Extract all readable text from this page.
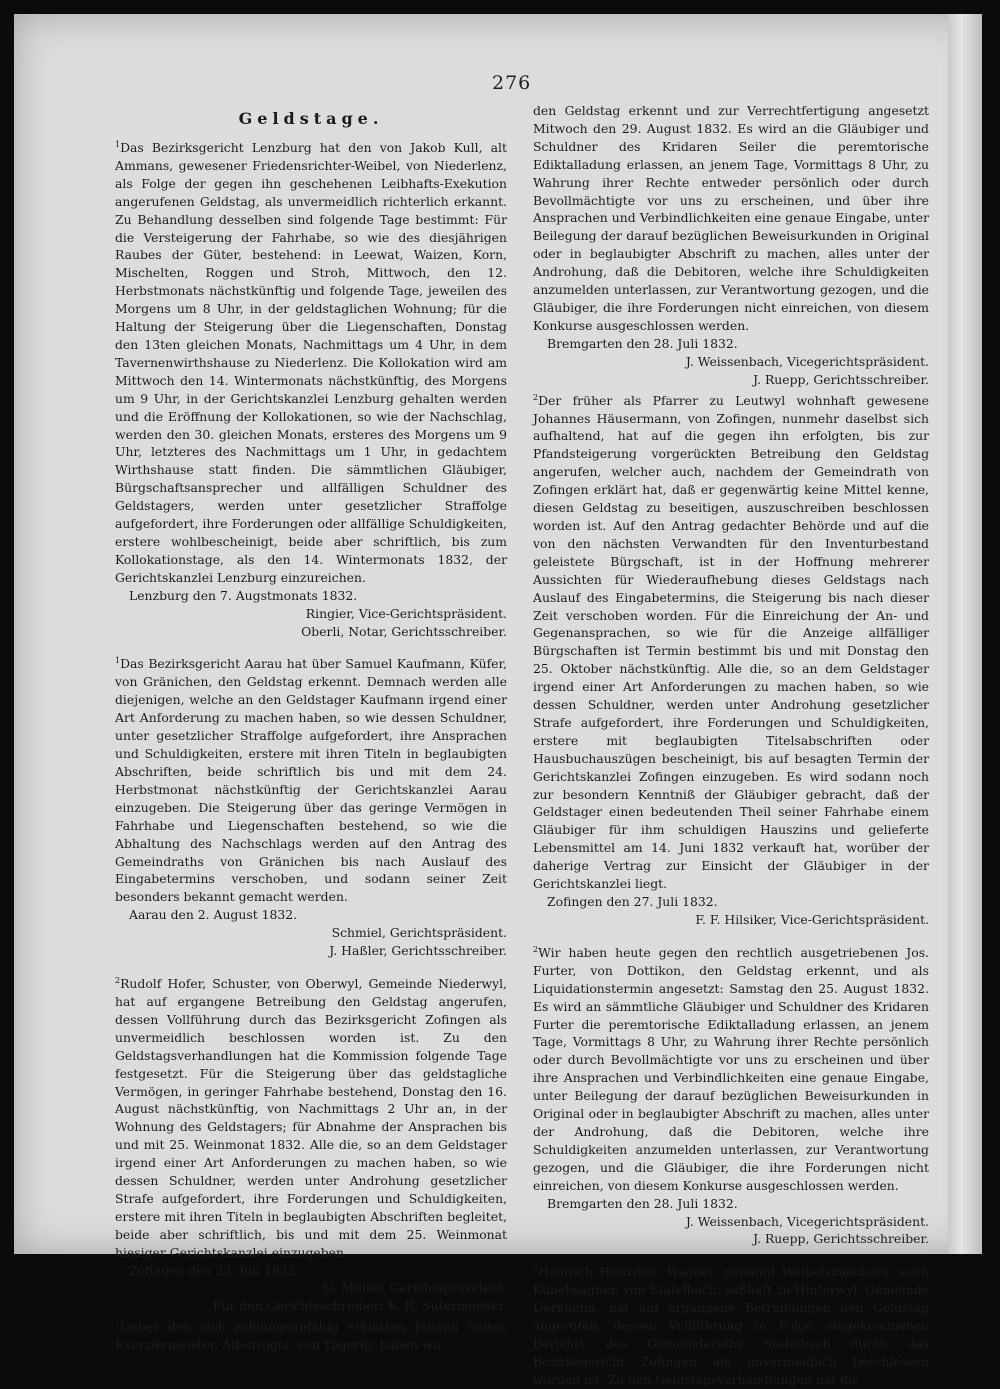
276
Geldstage.

$^1$Das Bezirksgericht Lenzburg hat den von Jakob Kull, alt Ammans, gewesener Friedensrichter-Weibel, von Niederlenz, als Folge der gegen ihn geschehenen Leibhafts-Exekution angerufenen Geldstag, als unvermeidlich richterlich erkannt. Zu Behandlung desselben sind folgende Tage bestimmt: Für die Versteigerung der Fahrhabe, so wie des diesjährigen Raubes der Güter, bestehend: in Leewat, Waizen, Korn, Mischelten, Roggen und Stroh, Mittwoch, den 12. Herbstmonats nächstkünftig und folgende Tage, jeweilen des Morgens um 8 Uhr, in der geldstaglichen Wohnung; für die Haltung der Steigerung über die Liegenschaften, Donstag den 13ten gleichen Monats, Nachmittags um 4 Uhr, in dem Tavernenwirthshause zu Niederlenz. Die Kollokation wird am Mittwoch den 14. Wintermonats nächstkünftig, des Morgens um 9 Uhr, in der Gerichtskanzlei Lenzburg gehalten werden und die Eröffnung der Kollokationen, so wie der Nachschlag, werden den 30. gleichen Monats, ersteres des Morgens um 9 Uhr, letzteres des Nachmittags um 1 Uhr, in gedachtem Wirthshause statt finden. Die sämmtlichen Gläubiger, Bürgschaftsansprecher und allfälligen Schuldner des Geldstagers, werden unter gesetzlicher Straffolge aufgefordert, ihre Forderungen oder allfällige Schuldigkeiten, erstere wohlbescheinigt, beide aber schriftlich, bis zum Kollokationstage, als den 14. Wintermonats 1832, der Gerichtskanzlei Lenzburg einzureichen.

Lenzburg den 7. Augstmonats 1832.

Ringier, Vice-Gerichtspräsident.

Oberli, Notar, Gerichtsschreiber.

$^1$Das Bezirksgericht Aarau hat über Samuel Kaufmann, Küfer, von Gränichen, den Geldstag erkennt. Demnach werden alle diejenigen, welche an den Geldstager Kaufmann irgend einer Art Anforderung zu machen haben, so wie dessen Schuldner, unter gesetzlicher Straffolge aufgefordert, ihre Ansprachen und Schuldigkeiten, erstere mit ihren Titeln in beglaubigten Abschriften, beide schriftlich bis und mit dem 24. Herbstmonat nächstkünftig der Gerichtskanzlei Aarau einzugeben. Die Steigerung über das geringe Vermögen in Fahrhabe und Liegenschaften bestehend, so wie die Abhaltung des Nachschlags werden auf den Antrag des Gemeindraths von Gränichen bis nach Auslauf des Eingabetermins verschoben, und sodann seiner Zeit besonders bekannt gemacht werden.

Aarau den 2. August 1832.

Schmiel, Gerichtspräsident.

J. Haßler, Gerichtsschreiber.

$^2$Rudolf Hofer, Schuster, von Oberwyl, Gemeinde Niederwyl, hat auf ergangene Betreibung den Geldstag angerufen, dessen Vollführung durch das Bezirksgericht Zofingen als unvermeidlich beschlossen worden ist. Zu den Geldstagsverhandlungen hat die Kommission folgende Tage festgesetzt. Für die Steigerung über das geldstagliche Vermögen, in geringer Fahrhabe bestehend, Donstag den 16. August nächstkünftig, von Nachmittags 2 Uhr an, in der Wohnung des Geldstagers; für Abnahme der Ansprachen bis und mit 25. Weinmonat 1832. Alle die, so an dem Geldstager irgend einer Art Anforderungen zu machen haben, so wie dessen Schuldner, werden unter Androhung gesetzlicher Strafe aufgefordert, ihre Forderungen und Schuldigkeiten, erstere mit ihren Titeln in beglaubigten Abschriften begleitet, beide aber schriftlich, bis und mit dem 25. Weinmonat hiesiger Gerichtskanzlei einzugeben.

Zofingen den 23. Juli 1832.

Sl. Müller, Gerichtspräsident.

Für den Gerichtsschreiber: K. R. Sutermeister.

$^1$Ueber den sich zahlungsunfähig erklärten Johann Seiler, Exerziermeister, Altenvogts, von Tägerig, haben wir

den Geldstag erkennt und zur Verrechtfertigung angesetzt Mitwoch den 29. August 1832. Es wird an die Gläubiger und Schuldner des Kridaren Seiler die peremtorische Ediktalladung erlassen, an jenem Tage, Vormittags 8 Uhr, zu Wahrung ihrer Rechte entweder persönlich oder durch Bevollmächtigte vor uns zu erscheinen, und über ihre Ansprachen und Verbindlichkeiten eine genaue Eingabe, unter Beilegung der darauf bezüglichen Beweisurkunden in Original oder in beglaubigter Abschrift zu machen, alles unter der Androhung, daß die Debitoren, welche ihre Schuldigkeiten anzumelden unterlassen, zur Verantwortung gezogen, und die Gläubiger, die ihre Forderungen nicht einreichen, von diesem Konkurse ausgeschlossen werden.

Bremgarten den 28. Juli 1832.

J. Weissenbach, Vicegerichtspräsident.

J. Ruepp, Gerichtsschreiber.

$^2$Der früher als Pfarrer zu Leutwyl wohnhaft gewesene Johannes Häusermann, von Zofingen, nunmehr daselbst sich aufhaltend, hat auf die gegen ihn erfolgten, bis zur Pfandsteigerung vorgerückten Betreibung den Geldstag angerufen, welcher auch, nachdem der Gemeindrath von Zofingen erklärt hat, daß er gegenwärtig keine Mittel kenne, diesen Geldstag zu beseitigen, auszuschreiben beschlossen worden ist. Auf den Antrag gedachter Behörde und auf die von den nächsten Verwandten für den Inventurbestand geleistete Bürgschaft, ist in der Hoffnung mehrerer Aussichten für Wiederaufhebung dieses Geldstags nach Auslauf des Eingabetermins, die Steigerung bis nach dieser Zeit verschoben worden. Für die Einreichung der An- und Gegenansprachen, so wie für die Anzeige allfälliger Bürgschaften ist Termin bestimmt bis und mit Donstag den 25. Oktober nächstkünftig. Alle die, so an dem Geldstager irgend einer Art Anforderungen zu machen haben, so wie dessen Schuldner, werden unter Androhung gesetzlicher Strafe aufgefordert, ihre Forderungen und Schuldigkeiten, erstere mit beglaubigten Titelsabschriften oder Hausbuchauszügen bescheinigt, bis auf besagten Termin der Gerichtskanzlei Zofingen einzugeben. Es wird sodann noch zur besondern Kenntniß der Gläubiger gebracht, daß der Geldstager einen bedeutenden Theil seiner Fahrhabe einem Gläubiger für ihm schuldigen Hauszins und gelieferte Lebensmittel am 14. Juni 1832 verkauft hat, worüber der daherige Vertrag zur Einsicht der Gläubiger in der Gerichtskanzlei liegt.

Zofingen den 27. Juli 1832.

F. F. Hilsiker, Vice-Gerichtspräsident.

$^2$Wir haben heute gegen den rechtlich ausgetriebenen Jos. Furter, von Dottikon, den Geldstag erkennt, und als Liquidationstermin angesetzt: Samstag den 25. August 1832. Es wird an sämmtliche Gläubiger und Schuldner des Kridaren Furter die peremtorische Ediktalladung erlassen, an jenem Tage, Vormittags 8 Uhr, zu Wahrung ihrer Rechte persönlich oder durch Bevollmächtigte vor uns zu erscheinen und über ihre Ansprachen und Verbindlichkeiten eine genaue Eingabe, unter Beilegung der darauf bezüglichen Beweisurkunden in Original oder in beglaubigter Abschrift zu machen, alles unter der Androhung, daß die Debitoren, welche ihre Schuldigkeiten anzumelden unterlassen, zur Verantwortung gezogen, und die Gläubiger, die ihre Forderungen nicht einreichen, von diesem Konkurse ausgeschlossen werden.

Bremgarten den 28. Juli 1832.

J. Weissenbach, Vicegerichtspräsident.

J. Ruepp, Gerichtsschreiber.

$^3$Heinrich Hunziker, Wagner, genannt Weibelsmelchers, auch Kübelwagner, von Stafelbach, säßhaft zu Hinterwyl, Gemeinde Uerkheim, hat auf ergangene Betreibungen den Geldstag angerufen, dessen Vollführung in Folge eingekommenen Berichts des Gemeinderaths Stafelbach durch das Bezirksgericht Zofingen als unvermeidlich beschlossen worden ist. Zu den Geldstagsverhandlungen hat die
